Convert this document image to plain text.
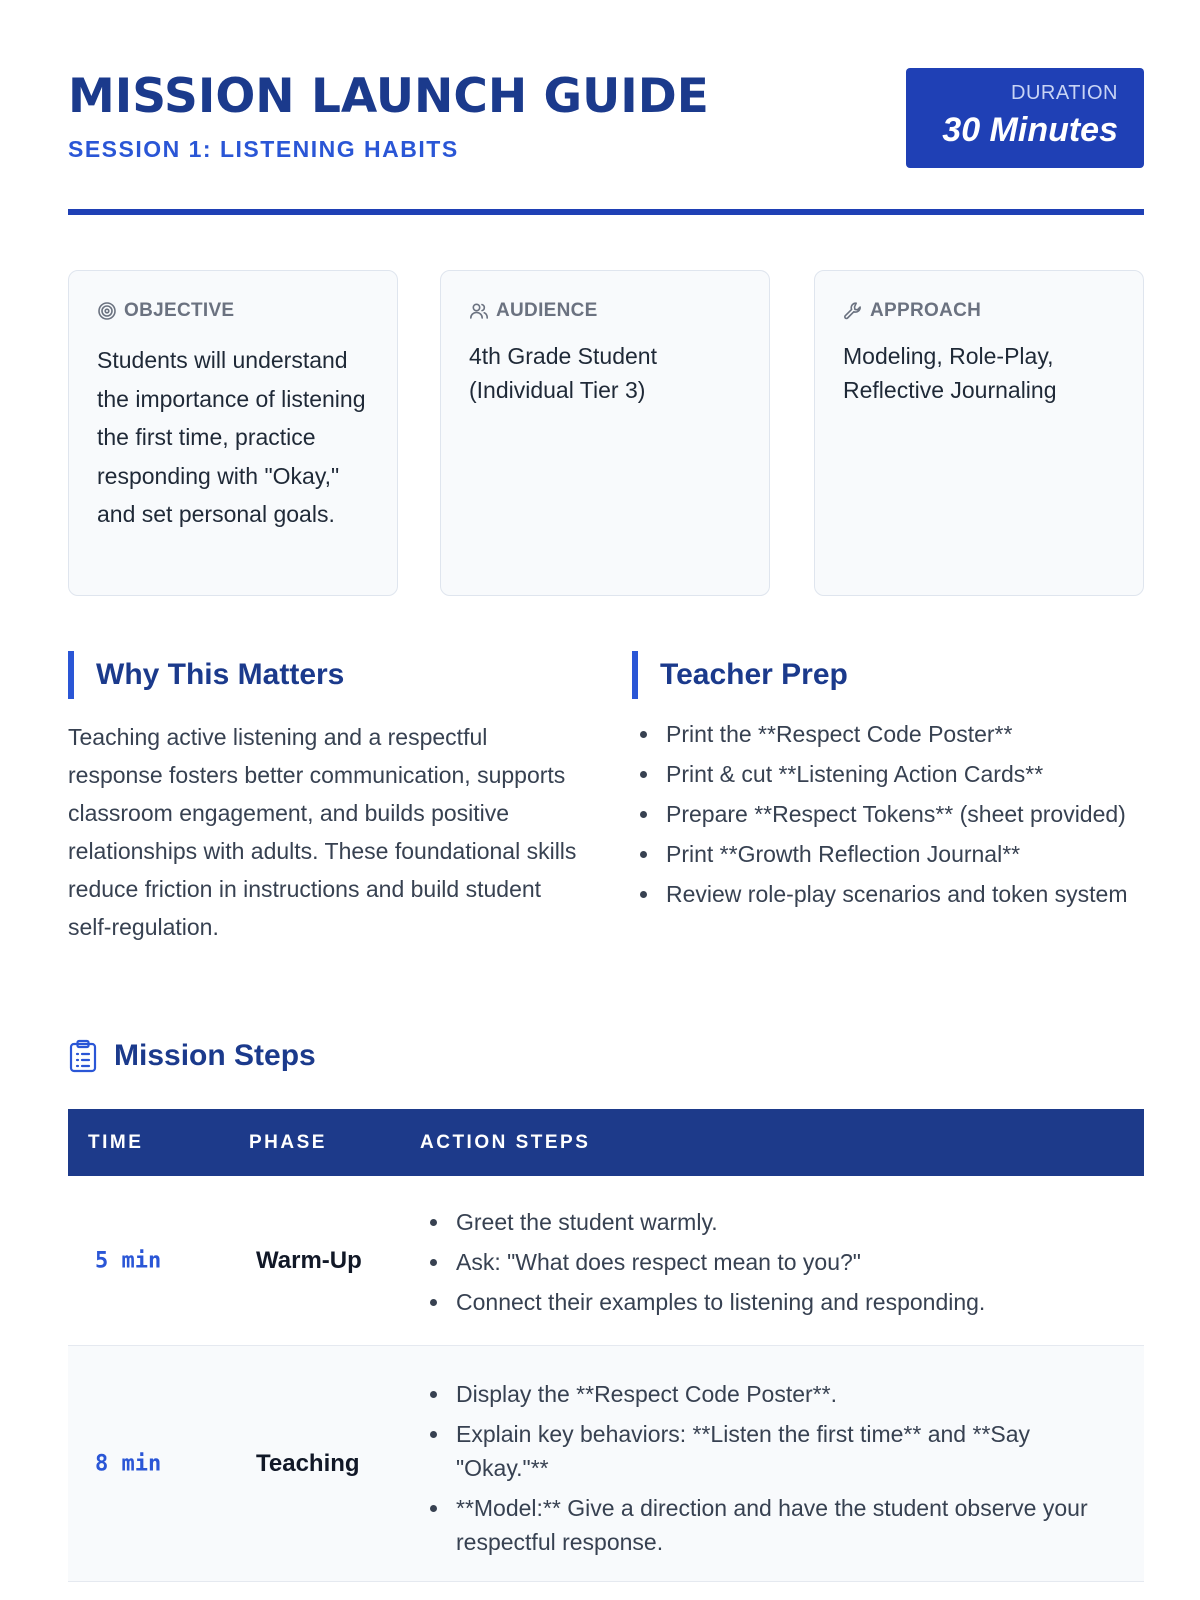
MISSION LAUNCH GUIDE
SESSION 1: LISTENING HABITS
DURATION
30 Minutes
OBJECTIVE
Students will understand the importance of listening the first time, practice responding with "Okay," and set personal goals.
AUDIENCE
4th Grade Student (Individual Tier 3)
APPROACH
Modeling, Role-Play, Reflective Journaling
Why This Matters

Teaching active listening and a respectful response fosters better communication, supports classroom engagement, and builds positive relationships with adults. These foundational skills reduce friction in instructions and build student self-regulation.

Teacher Prep
Print the **Respect Code Poster**
Print & cut **Listening Action Cards**
Prepare **Respect Tokens** (sheet provided)
Print **Growth Reflection Journal**
Review role-play scenarios and token system
Mission Steps
TIME	PHASE	ACTION STEPS
5 min	Warm-Up
Greet the student warmly.
Ask: "What does respect mean to you?"
Connect their examples to listening and responding.
8 min	Teaching
Display the **Respect Code Poster**.
Explain key behaviors: **Listen the first time** and **Say "Okay."**
**Model:** Give a direction and have the student observe your respectful response.
